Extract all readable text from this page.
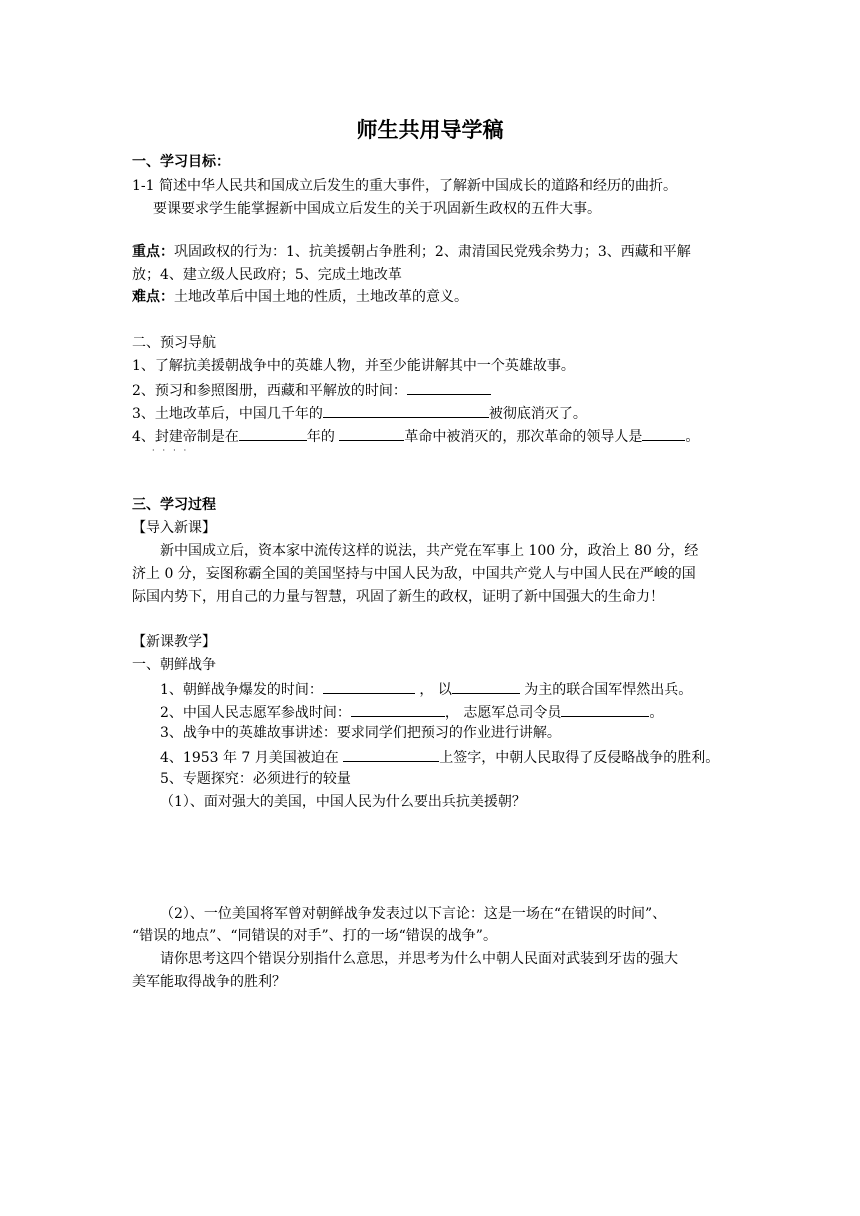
师生共用导学稿
一、学习目标：
1-1 简述中华人民共和国成立后发生的重大事件，了解新中国成长的道路和经历的曲折。
要课要求学生能掌握新中国成立后发生的关于巩固新生政权的五件大事。
重点：巩固政权的行为：1、抗美援朝占争胜利；2、肃清国民党残余势力；3、西藏和平解
放；4、建立级人民政府；5、完成土地改革
难点：土地改革后中国土地的性质，土地改革的意义。
二、预习导航
1、了解抗美援朝战争中的英雄人物，并至少能讲解其中一个英雄故事。
2、预习和参照图册，西藏和平解放的时间：
3、土地改革后，中国几千年的	被彻底消灭了。
4、封建帝制是在	年的	革命中被消灭的，那次革命的领导人是	。
····
三、学习过程
【导入新课】
新中国成立后，资本家中流传这样的说法，共产党在军事上 100 分，政治上 80 分，经
济上 0 分，妄图称霸全国的美国坚持与中国人民为敌，中国共产党人与中国人民在严峻的国
际国内势下，用自己的力量与智慧，巩固了新生的政权，证明了新中国强大的生命力！
【新课教学】
一、朝鲜战争
1、朝鲜战争爆发的时间：	， 以	为主的联合国军悍然出兵。
2、中国人民志愿军参战时间：	， 志愿军总司令员	。
3、战争中的英雄故事讲述：要求同学们把预习的作业进行讲解。
4、1953 年 7 月美国被迫在	上签字，中朝人民取得了反侵略战争的胜利。
5、专题探究：必须进行的较量
（1）、面对强大的美国，中国人民为什么要出兵抗美援朝？
（2）、一位美国将军曾对朝鲜战争发表过以下言论：这是一场在“在错误的时间”、
“错误的地点”、“同错误的对手”、打的一场“错误的战争”。
请你思考这四个错误分别指什么意思，并思考为什么中朝人民面对武装到牙齿的强大
美军能取得战争的胜利？
